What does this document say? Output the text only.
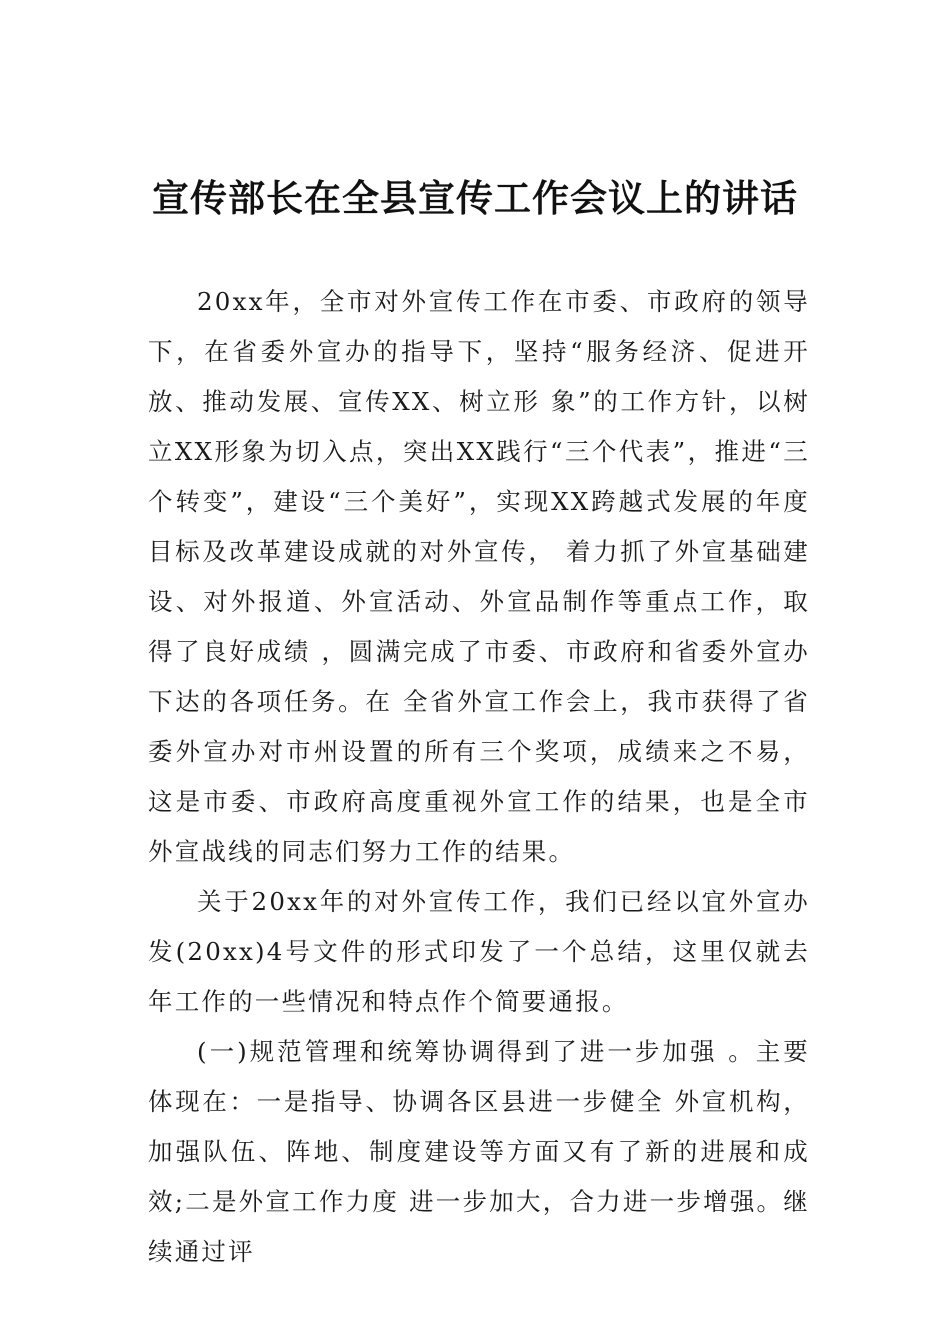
宣传部长在全县宣传工作会议上的讲话

20xx年，全市对外宣传工作在市委、市政府的领导 下，在省委外宣办的指导下，坚持“服务经济、促进开放、推动发展、宣传XX、树立形 象”的工作方针，以树立XX形象为切入点，突出XX践行“三个代表”，推进“三个转变”，建设“三个美好”，实现XX跨越式发展的年度目标及改革建设成就的对外宣传， 着力抓了外宣基础建设、对外报道、外宣活动、外宣品制作等重点工作，取得了良好成绩 ，圆满完成了市委、市政府和省委外宣办下达的各项任务。在 全省外宣工作会上，我市获得了省委外宣办对市州设置的所有三个奖项，成绩来之不易，这是市委、市政府高度重视外宣工作的结果，也是全市外宣战线的同志们努力工作的结果。

关于20xx年的对外宣传工作，我们已经以宜外宣办发(20xx)4号文件的形式印发了一个总结，这里仅就去年工作的一些情况和特点作个简要通报。

(一)规范管理和统筹协调得到了进一步加强 。主要体现在：一是指导、协调各区县进一步健全 外宣机构，加强队伍、阵地、制度建设等方面又有了新的进展和成效;二是外宣工作力度 进一步加大，合力进一步增强。继续通过评
